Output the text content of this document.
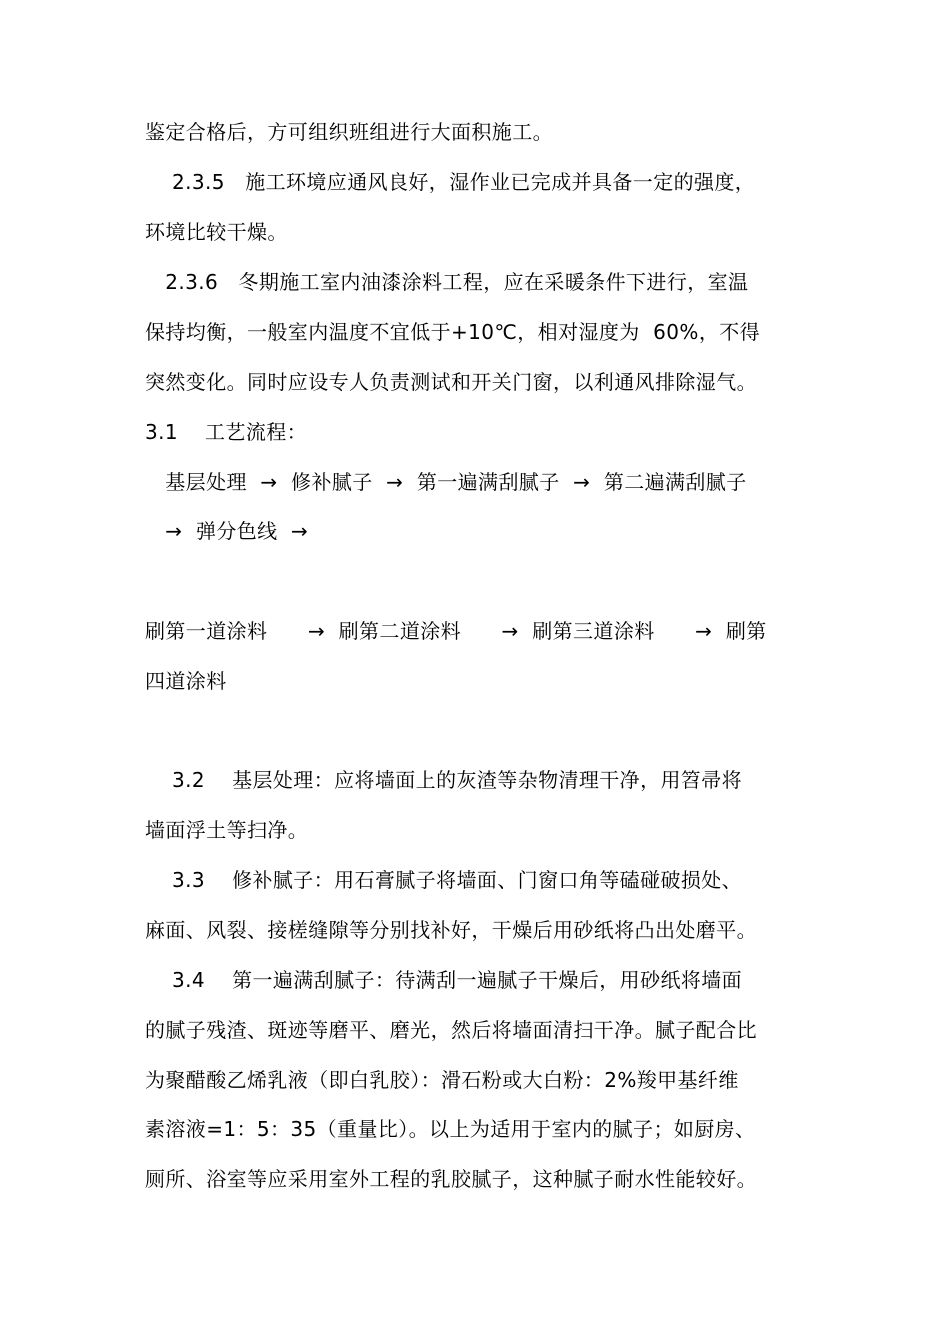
鉴定合格后，方可组织班组进行大面积施工。
2.3.5   施工环境应通风良好，湿作业已完成并具备一定的强度，
环境比较干燥。
2.3.6   冬期施工室内油漆涂料工程，应在采暖条件下进行，室温
保持均衡，一般室内温度不宜低于+10℃，相对湿度为  60%，不得
突然变化。同时应设专人负责测试和开关门窗，以利通风排除湿气。
3.1    工艺流程：
基层处理  →  修补腻子  →  第一遍满刮腻子  →  第二遍满刮腻子
→  弹分色线  →
刷第一道涂料      →  刷第二道涂料      →  刷第三道涂料      →  刷第
四道涂料
3.2    基层处理：应将墙面上的灰渣等杂物清理干净，用笤帚将
墙面浮土等扫净。
3.3    修补腻子：用石膏腻子将墙面、门窗口角等磕碰破损处、
麻面、风裂、接槎缝隙等分别找补好，干燥后用砂纸将凸出处磨平。
3.4    第一遍满刮腻子：待满刮一遍腻子干燥后，用砂纸将墙面
的腻子残渣、斑迹等磨平、磨光，然后将墙面清扫干净。腻子配合比
为聚醋酸乙烯乳液（即白乳胶）：滑石粉或大白粉：2%羧甲基纤维
素溶液=1：5：35（重量比）。以上为适用于室内的腻子；如厨房、
厕所、浴室等应采用室外工程的乳胶腻子，这种腻子耐水性能较好。
